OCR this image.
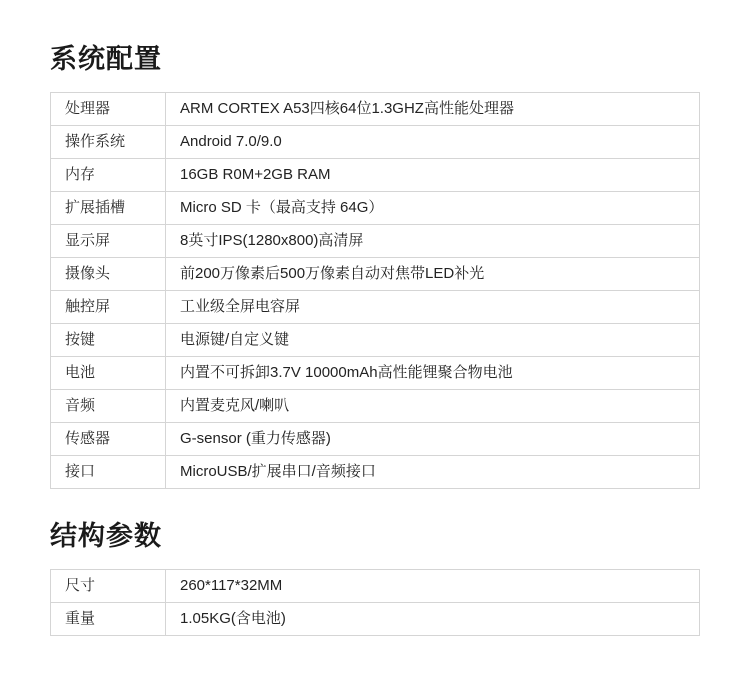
系统配置
处理器	ARM CORTEX A53四核64位1.3GHZ高性能处理器
操作系统	Android 7.0/9.0
内存	16GB R0M+2GB RAM
扩展插槽	Micro SD 卡（最高支持 64G）
显示屏	8英寸IPS(1280x800)高清屏
摄像头	前200万像素后500万像素自动对焦带LED补光
触控屏	工业级全屏电容屏
按键	电源键/自定义键
电池	内置不可拆卸3.7V 10000mAh高性能锂聚合物电池
音频	内置麦克风/喇叭
传感器	G-sensor (重力传感器)
接口	MicroUSB/扩展串口/音频接口
结构参数
尺寸	260*117*32MM
重量	1.05KG(含电池)
